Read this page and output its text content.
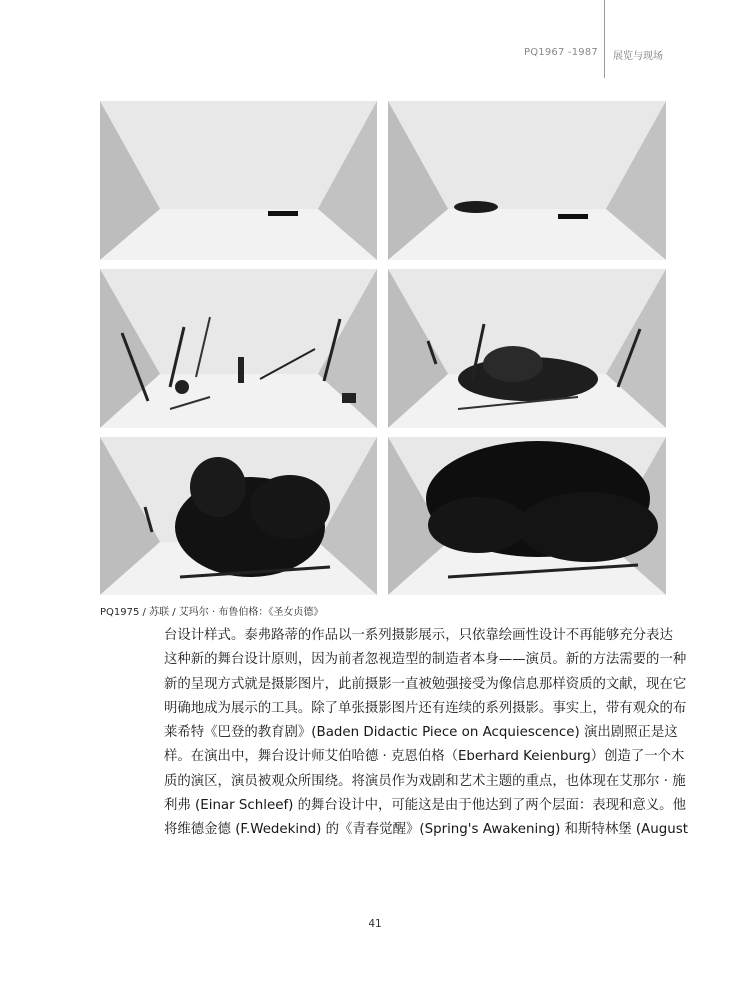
PQ1967 -1987 展览与现场
PQ1975 / 苏联 / 艾玛尔 · 布鲁伯格：《圣女贞德》
台设计样式。泰弗路蒂的作品以一系列摄影展示，只依靠绘画性设计不再能够充分表达
这种新的舞台设计原则，因为前者忽视造型的制造者本身——演员。新的方法需要的一种
新的呈现方式就是摄影图片，此前摄影一直被勉强接受为像信息那样资质的文献，现在它
明确地成为展示的工具。除了单张摄影图片还有连续的系列摄影。事实上，带有观众的布
莱希特《巴登的教育剧》(Baden Didactic Piece on Acquiescence) 演出剧照正是这
样。在演出中，舞台设计师艾伯哈德 · 克恩伯格（Eberhard Keienburg）创造了一个木
质的演区，演员被观众所围绕。将演员作为戏剧和艺术主题的重点，也体现在艾那尔 · 施
利弗 (Einar Schleef) 的舞台设计中，可能这是由于他达到了两个层面：表现和意义。他
将维德金德 (F.Wedekind) 的《青春觉醒》(Spring's Awakening) 和斯特林堡 (August
41
